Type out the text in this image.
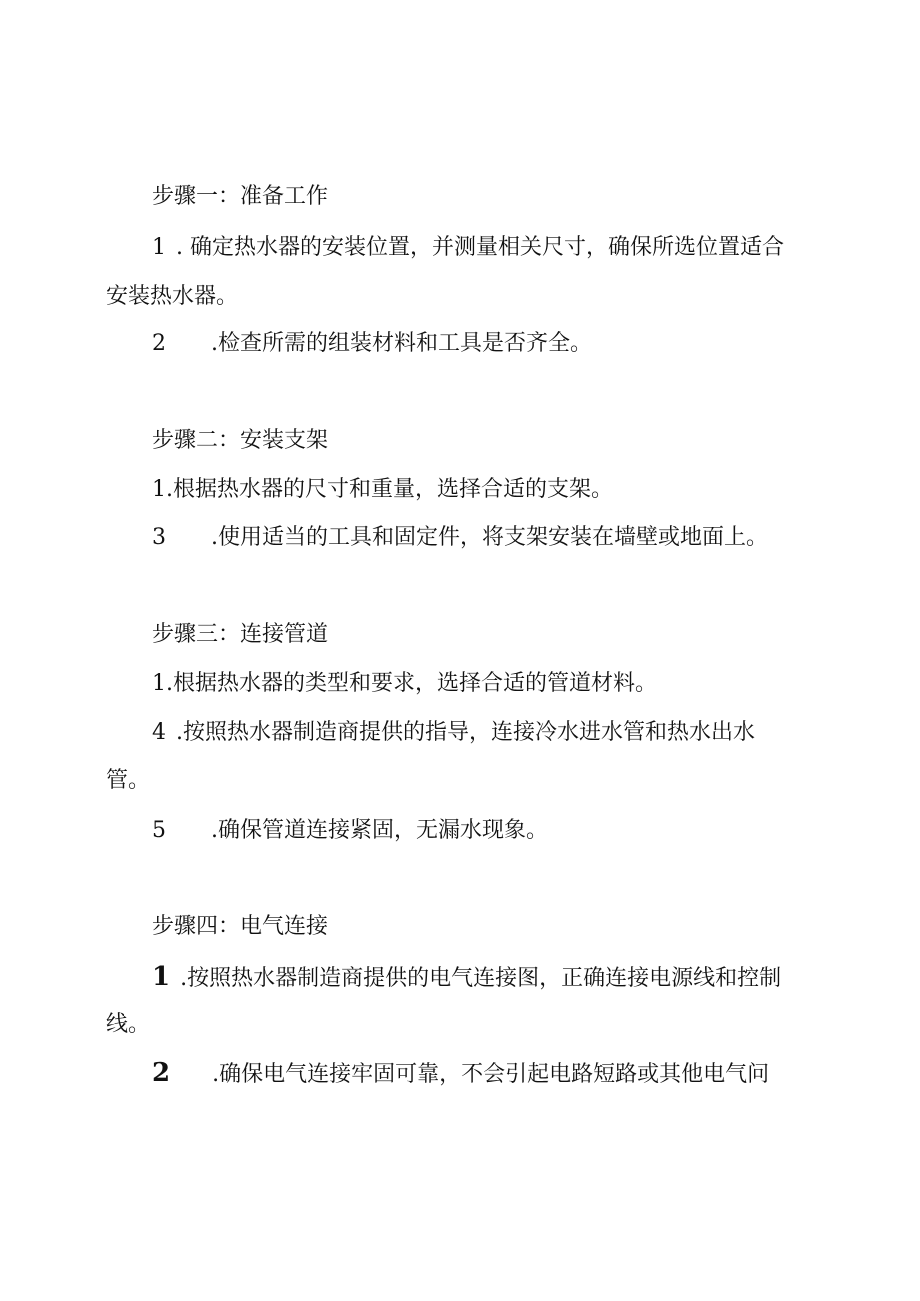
步骤一：准备工作
1 . 确定热水器的安装位置，并测量相关尺寸，确保所选位置适合
安装热水器。
2 .检查所需的组装材料和工具是否齐全。
步骤二：安装支架
1.根据热水器的尺寸和重量，选择合适的支架。
3 .使用适当的工具和固定件，将支架安装在墙壁或地面上。
步骤三：连接管道
1.根据热水器的类型和要求，选择合适的管道材料。
4 .按照热水器制造商提供的指导，连接冷水进水管和热水出水
管。
5 .确保管道连接紧固，无漏水现象。
步骤四：电气连接
1 .按照热水器制造商提供的电气连接图，正确连接电源线和控制
线。
2 .确保电气连接牢固可靠，不会引起电路短路或其他电气问
